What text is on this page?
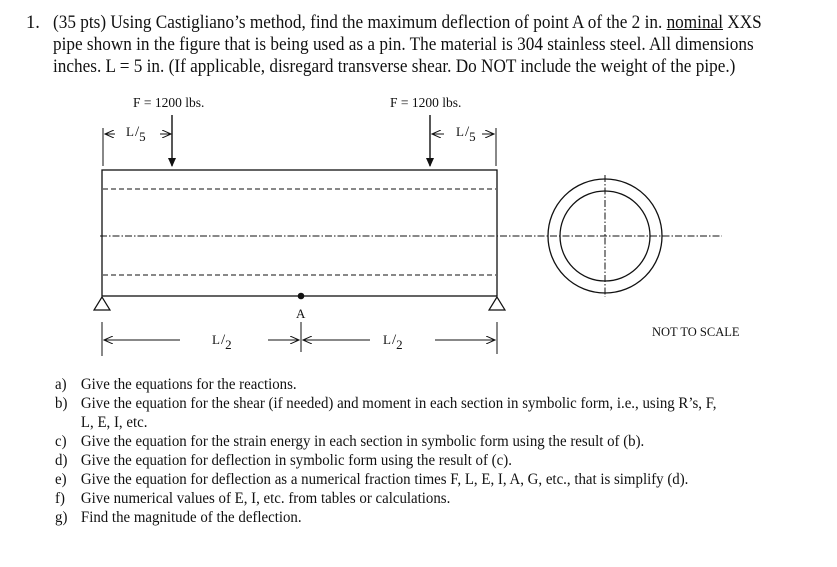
1. (35 pts) Using Castigliano’s method, find the maximum deflection of point A of the 2 in. nominal XXS
pipe shown in the figure that is being used as a pin. The material is 304 stainless steel. All dimensions
inches. L = 5 in. (If applicable, disregard transverse shear. Do NOT include the weight of the pipe.)
F = 1200 lbs.	F = 1200 lbs.
L/5	L/5
A
L/2	L/2
NOT TO SCALE
a) Give the equations for the reactions.
b) Give the equation for the shear (if needed) and moment in each section in symbolic form, i.e., using R’s, F,
L, E, I, etc.
c) Give the equation for the strain energy in each section in symbolic form using the result of (b).
d) Give the equation for deflection in symbolic form using the result of (c).
e) Give the equation for deflection as a numerical fraction times F, L, E, I, A, G, etc., that is simplify (d).
f) Give numerical values of E, I, etc. from tables or calculations.
g) Find the magnitude of the deflection.
